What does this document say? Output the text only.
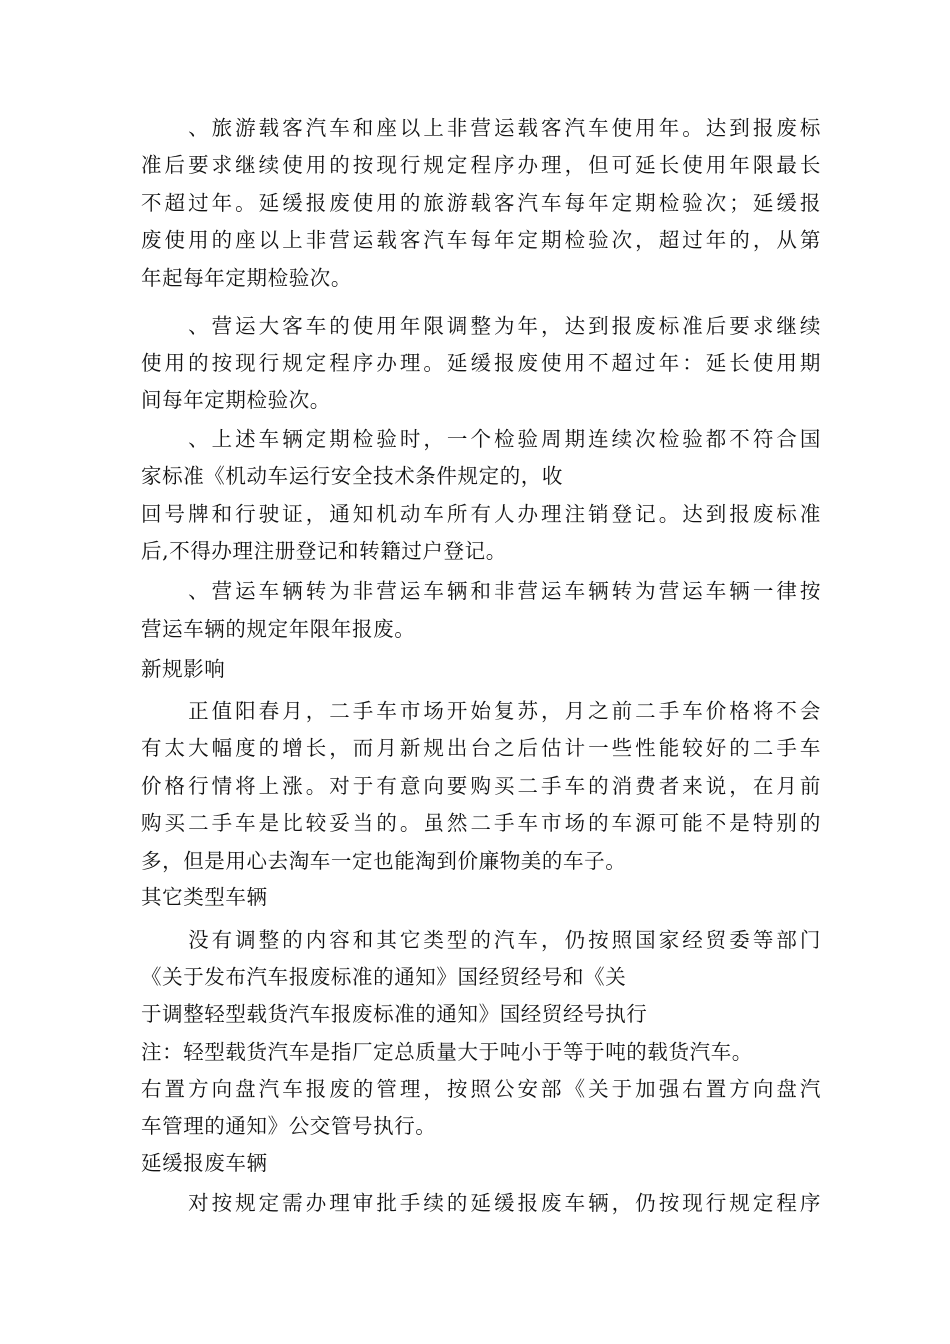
　　、旅游载客汽车和座以上非营运载客汽车使用年。达到报废标
准后要求继续使用的按现行规定程序办理，但可延长使用年限最长
不超过年。延缓报废使用的旅游载客汽车每年定期检验次；延缓报
废使用的座以上非营运载客汽车每年定期检验次，超过年的，从第
年起每年定期检验次。
　　、营运大客车的使用年限调整为年，达到报废标准后要求继续
使用的按现行规定程序办理。延缓报废使用不超过年：延长使用期
间每年定期检验次。
　　、上述车辆定期检验时，一个检验周期连续次检验都不符合国
家标准《机动车运行安全技术条件规定的，收
回号牌和行驶证，通知机动车所有人办理注销登记。达到报废标准
后,不得办理注册登记和转籍过户登记。
　　、营运车辆转为非营运车辆和非营运车辆转为营运车辆一律按
营运车辆的规定年限年报废。
新规影响
　　正值阳春月，二手车市场开始复苏，月之前二手车价格将不会
有太大幅度的增长，而月新规出台之后估计一些性能较好的二手车
价格行情将上涨。对于有意向要购买二手车的消费者来说，在月前
购买二手车是比较妥当的。虽然二手车市场的车源可能不是特别的
多，但是用心去淘车一定也能淘到价廉物美的车子。
其它类型车辆
　　没有调整的内容和其它类型的汽车，仍按照国家经贸委等部门
《关于发布汽车报废标准的通知》国经贸经号和《关
于调整轻型载货汽车报废标准的通知》国经贸经号执行
注：轻型载货汽车是指厂定总质量大于吨小于等于吨的载货汽车。
右置方向盘汽车报废的管理，按照公安部《关于加强右置方向盘汽
车管理的通知》公交管号执行。
延缓报废车辆
　　对按规定需办理审批手续的延缓报废车辆，仍按现行规定程序
